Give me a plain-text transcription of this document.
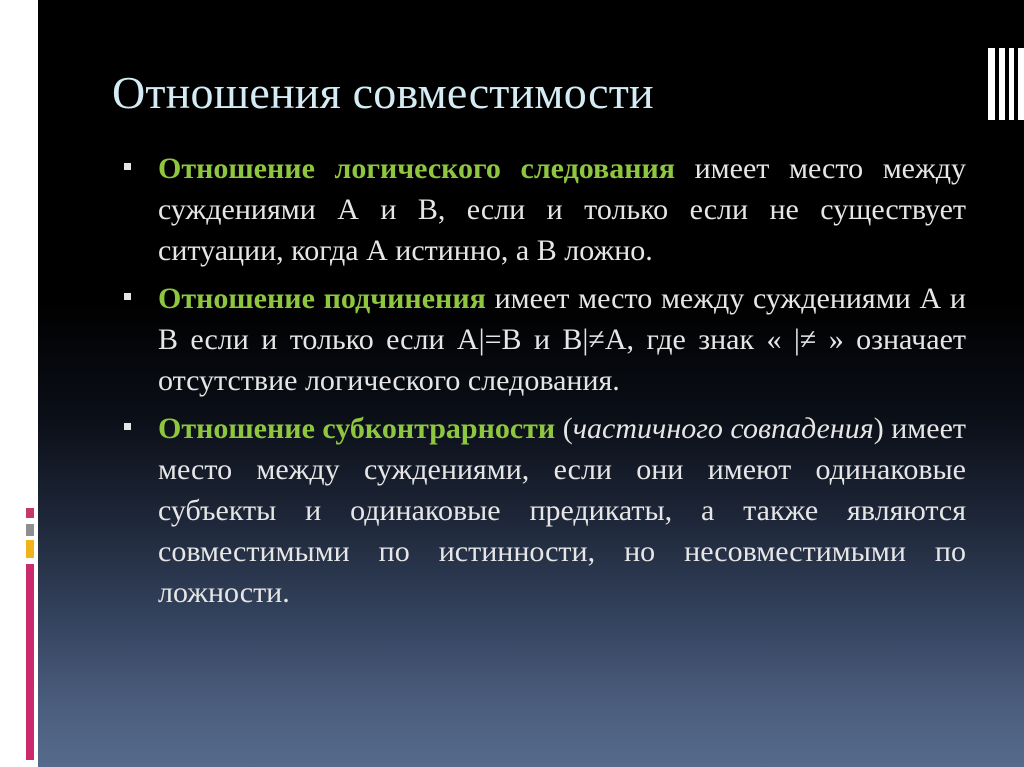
Отношения совместимости
Отношение логического следования имеет место между суждениями А и В, если и только если не существует ситуации, когда А истинно, а В ложно.
Отношение подчинения имеет место между суждениями А и В если и только если А|=В и В|≠А, где знак « |≠ » означает отсутствие логического следования.
Отношение субконтрарности (частичного совпадения) имеет место между суждениями, если они имеют одинаковые субъекты и одинаковые предикаты, а также являются совместимыми по истинности, но несовместимыми по ложности.
